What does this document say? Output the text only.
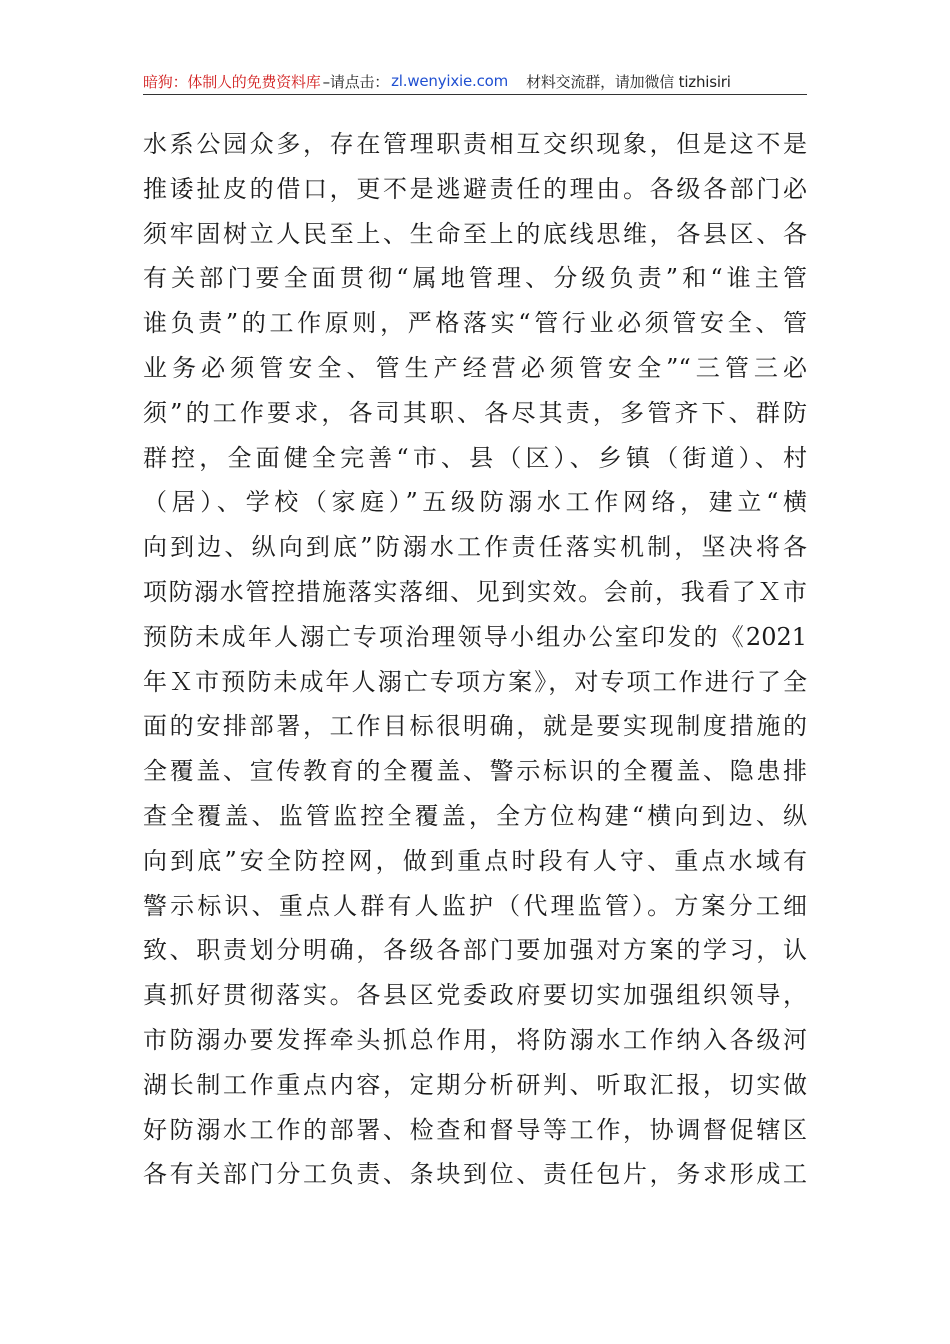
暗狗：体制人的免费资料库 –请点击： zl.wenyixie.com 材料交流群，请加微信 tizhisiri
水系公园众多，存在管理职责相互交织现象，但是这不是
推诿扯皮的借口，更不是逃避责任的理由。各级各部门必
须牢固树立人民至上、生命至上的底线思维，各县区、各
有关部门要全面贯彻“属地管理、分级负责”和“谁主管
谁负责”的工作原则，严格落实“管行业必须管安全、管
业务必须管安全、管生产经营必须管安全”“三管三必
须”的工作要求，各司其职、各尽其责，多管齐下、群防
群控，全面健全完善“市、县（区）、乡镇（街道）、村
（居）、学校（家庭）”五级防溺水工作网络，建立“横
向到边、纵向到底”防溺水工作责任落实机制，坚决将各
项防溺水管控措施落实落细、见到实效。会前，我看了Ｘ市
预防未成年人溺亡专项治理领导小组办公室印发的《2021
年Ｘ市预防未成年人溺亡专项方案》，对专项工作进行了全
面的安排部署，工作目标很明确，就是要实现制度措施的
全覆盖、宣传教育的全覆盖、警示标识的全覆盖、隐患排
查全覆盖、监管监控全覆盖，全方位构建“横向到边、纵
向到底”安全防控网，做到重点时段有人守、重点水域有
警示标识、重点人群有人监护（代理监管）。方案分工细
致、职责划分明确，各级各部门要加强对方案的学习，认
真抓好贯彻落实。各县区党委政府要切实加强组织领导，
市防溺办要发挥牵头抓总作用，将防溺水工作纳入各级河
湖长制工作重点内容，定期分析研判、听取汇报，切实做
好防溺水工作的部署、检查和督导等工作，协调督促辖区
各有关部门分工负责、条块到位、责任包片，务求形成工
